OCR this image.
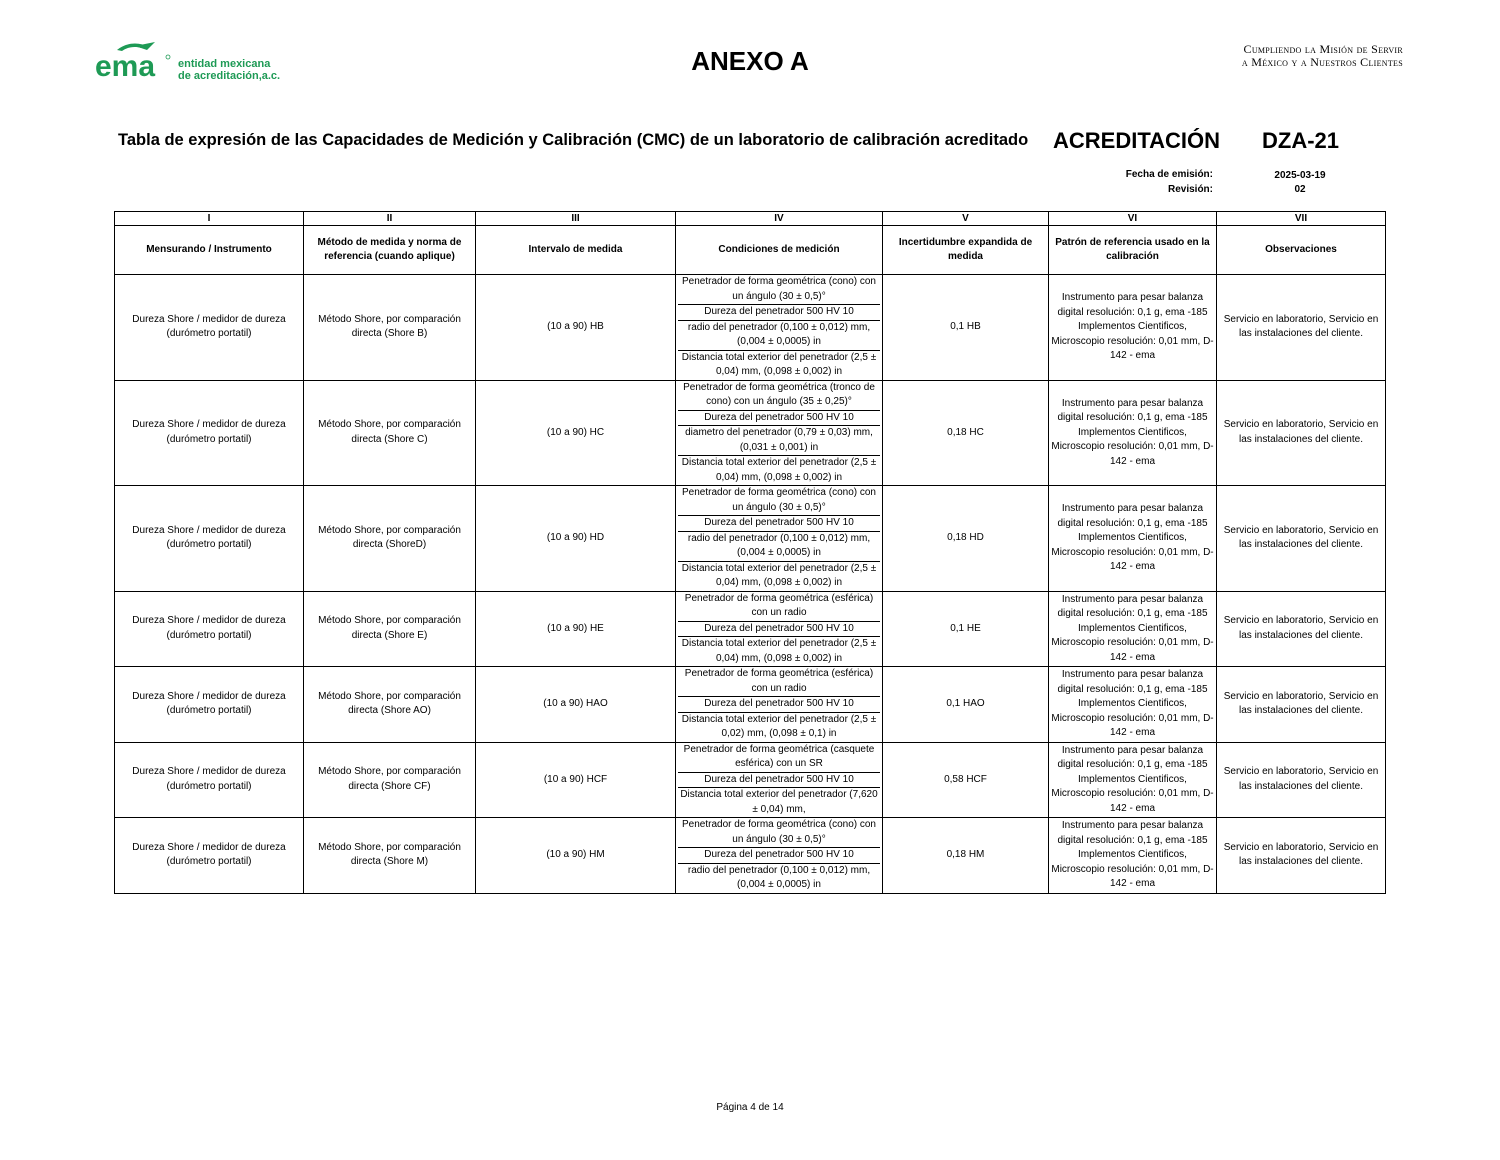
ema entidad mexicana
de acreditación,a.c.	ANEXO A	Cumpliendo la Misión de Servir
a México y a Nuestros Clientes
Tabla de expresión de las Capacidades de Medición y Calibración (CMC) de un laboratorio de calibración acreditado ACREDITACIÓN DZA-21
Fecha de emisión:	2025-03-19
Revisión:	02
I	II	III	IV	V	VI	VII
Mensurando / Instrumento	Método de medida y norma de referencia (cuando aplique)	Intervalo de medida	Condiciones de medición	Incertidumbre expandida de medida	Patrón de referencia usado en la calibración	Observaciones
Dureza Shore / medidor de dureza (durómetro portatil)	Método Shore, por comparación directa (Shore B)	(10 a 90) HB	Penetrador de forma geométrica (cono) con un ángulo (30 ± 0,5)°
Dureza del penetrador 500 HV 10
radio del penetrador (0,100 ± 0,012) mm, (0,004 ± 0,0005) in
Distancia total exterior del penetrador (2,5 ± 0,04) mm, (0,098 ± 0,002) in	0,1 HB	Instrumento para pesar balanza digital resolución: 0,1 g, ema -185 Implementos Cientificos, Microscopio resolución: 0,01 mm, D-142 - ema	Servicio en laboratorio, Servicio en las instalaciones del cliente.
Dureza Shore / medidor de dureza (durómetro portatil)	Método Shore, por comparación directa (Shore C)	(10 a 90) HC	Penetrador de forma geométrica (tronco de cono) con un ángulo (35 ± 0,25)°
Dureza del penetrador 500 HV 10
diametro del penetrador (0,79 ± 0,03) mm, (0,031 ± 0,001) in
Distancia total exterior del penetrador (2,5 ± 0,04) mm, (0,098 ± 0,002) in	0,18 HC	Instrumento para pesar balanza digital resolución: 0,1 g, ema -185 Implementos Cientificos, Microscopio resolución: 0,01 mm, D-142 - ema	Servicio en laboratorio, Servicio en las instalaciones del cliente.
Dureza Shore / medidor de dureza (durómetro portatil)	Método Shore, por comparación directa (ShoreD)	(10 a 90) HD	Penetrador de forma geométrica (cono) con un ángulo (30 ± 0,5)°
Dureza del penetrador 500 HV 10
radio del penetrador (0,100 ± 0,012) mm, (0,004 ± 0,0005) in
Distancia total exterior del penetrador (2,5 ± 0,04) mm, (0,098 ± 0,002) in	0,18 HD	Instrumento para pesar balanza digital resolución: 0,1 g, ema -185 Implementos Cientificos, Microscopio resolución: 0,01 mm, D-142 - ema	Servicio en laboratorio, Servicio en las instalaciones del cliente.
Dureza Shore / medidor de dureza (durómetro portatil)	Método Shore, por comparación directa (Shore E)	(10 a 90) HE	Penetrador de forma geométrica (esférica) con un radio
Dureza del penetrador 500 HV 10
Distancia total exterior del penetrador (2,5 ± 0,04) mm, (0,098 ± 0,002) in	0,1 HE	Instrumento para pesar balanza digital resolución: 0,1 g, ema -185 Implementos Cientificos, Microscopio resolución: 0,01 mm, D-142 - ema	Servicio en laboratorio, Servicio en las instalaciones del cliente.
Dureza Shore / medidor de dureza (durómetro portatil)	Método Shore, por comparación directa (Shore AO)	(10 a 90) HAO	Penetrador de forma geométrica (esférica) con un radio
Dureza del penetrador 500 HV 10
Distancia total exterior del penetrador (2,5 ± 0,02) mm, (0,098 ± 0,1) in	0,1 HAO	Instrumento para pesar balanza digital resolución: 0,1 g, ema -185 Implementos Cientificos, Microscopio resolución: 0,01 mm, D-142 - ema	Servicio en laboratorio, Servicio en las instalaciones del cliente.
Dureza Shore / medidor de dureza (durómetro portatil)	Método Shore, por comparación directa (Shore CF)	(10 a 90) HCF	Penetrador de forma geométrica (casquete esférica) con un SR
Dureza del penetrador 500 HV 10
Distancia total exterior del penetrador (7,620 ± 0,04) mm,	0,58 HCF	Instrumento para pesar balanza digital resolución: 0,1 g, ema -185 Implementos Cientificos, Microscopio resolución: 0,01 mm, D-142 - ema	Servicio en laboratorio, Servicio en las instalaciones del cliente.
Dureza Shore / medidor de dureza (durómetro portatil)	Método Shore, por comparación directa (Shore M)	(10 a 90) HM	Penetrador de forma geométrica (cono) con un ángulo (30 ± 0,5)°
Dureza del penetrador 500 HV 10
radio del penetrador (0,100 ± 0,012) mm, (0,004 ± 0,0005) in	0,18 HM	Instrumento para pesar balanza digital resolución: 0,1 g, ema -185 Implementos Cientificos, Microscopio resolución: 0,01 mm, D-142 - ema	Servicio en laboratorio, Servicio en las instalaciones del cliente.
Página 4 de 14
